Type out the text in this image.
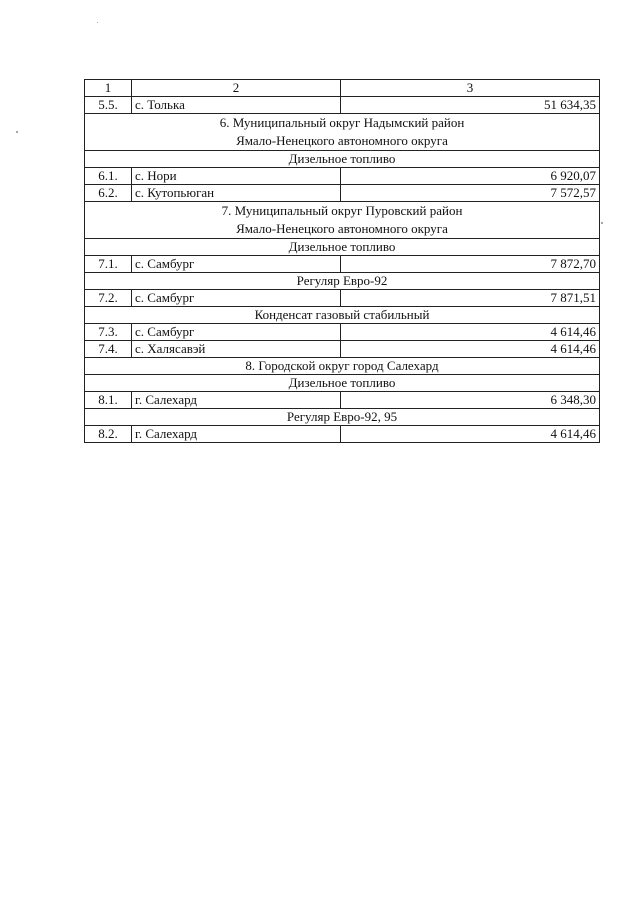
1	2	3
5.5.	с. Толька	51 634,35

6. Муниципальный округ Надымский район
Ямало-Ненецкого автономного округа		

Дизельное топливо		
6.1.	с. Нори	6 920,07
6.2.	с. Кутопьюган	7 572,57

7. Муниципальный округ Пуровский район
Ямало-Ненецкого автономного округа		

Дизельное топливо		
7.1.	с. Самбург	7 872,70
Регуляр Евро-92		
7.2.	с. Самбург	7 871,51
Конденсат газовый стабильный		
7.3.	с. Самбург	4 614,46
7.4.	с. Халясавэй	4 614,46
8. Городской округ город Салехард		
Дизельное топливо		
8.1.	г. Салехард	6 348,30
Регуляр Евро-92, 95		
8.2.	г. Салехард	4 614,46
